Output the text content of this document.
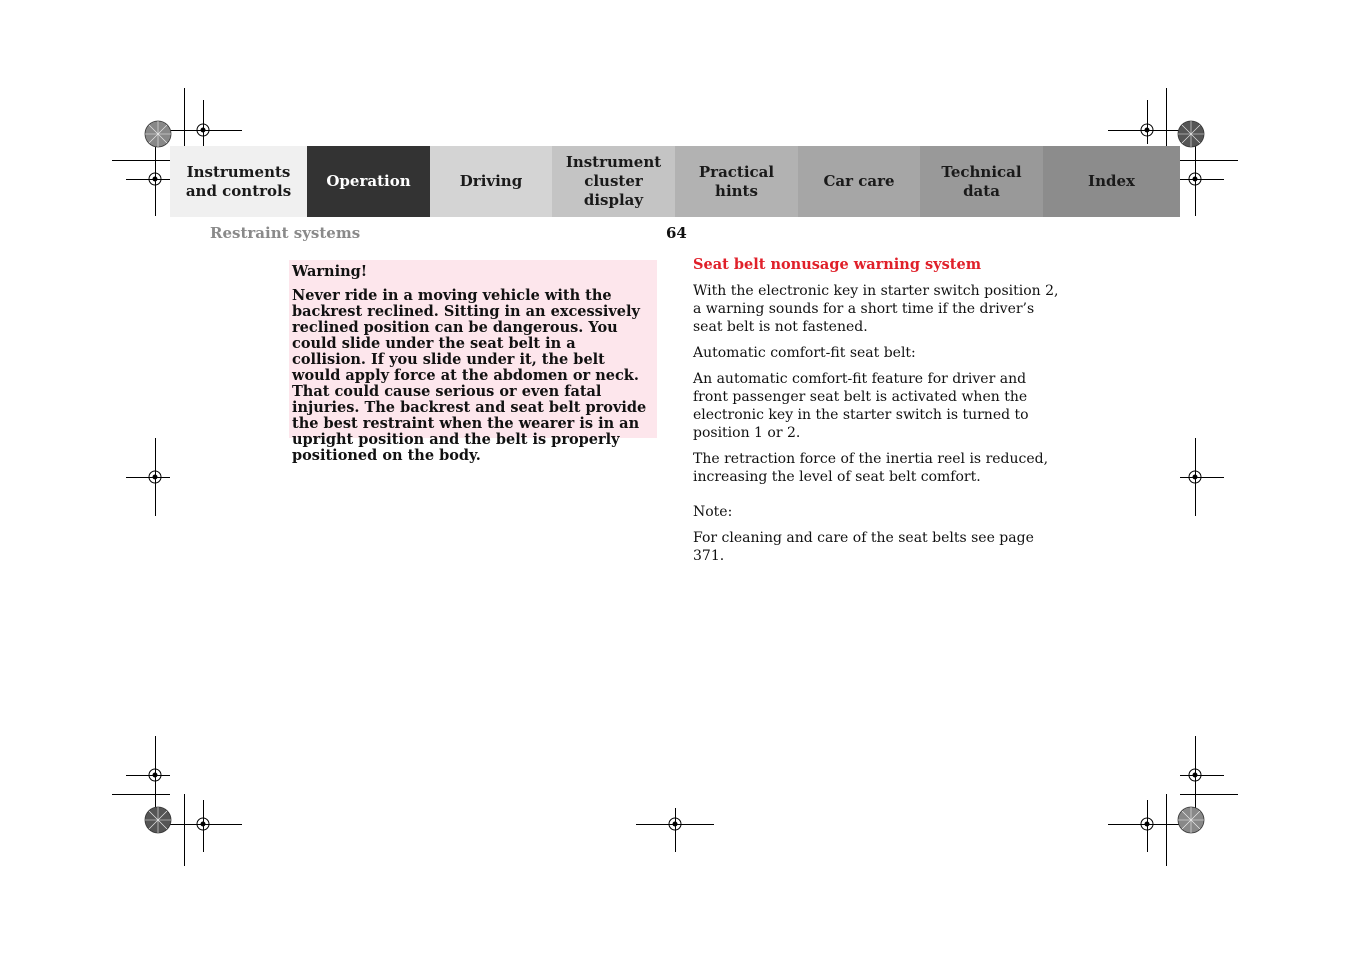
Instruments
and controls
Operation	Driving
Instrument
cluster display
Practical hints
Car care
Technical
data
Index
Restraint systems	64

Warning!

Never ride in a moving vehicle with the backrest reclined. Sitting in an excessively reclined position can be dangerous. You could slide under the seat belt in a collision. If you slide under it, the belt would apply force at the abdomen or neck. That could cause serious or even fatal injuries. The backrest and seat belt provide the best restraint when the wearer is in an upright position and the belt is properly positioned on the body.

Seat belt nonusage warning system

With the electronic key in starter switch position 2, a warning sounds for a short time if the driver’s seat belt is not fastened.

Automatic comfort-fit seat belt:

An automatic comfort-fit feature for driver and front passenger seat belt is activated when the electronic key in the starter switch is turned to position 1 or 2.

The retraction force of the inertia reel is reduced, increasing the level of seat belt comfort.

Note:

For cleaning and care of the seat belts see page 371.
